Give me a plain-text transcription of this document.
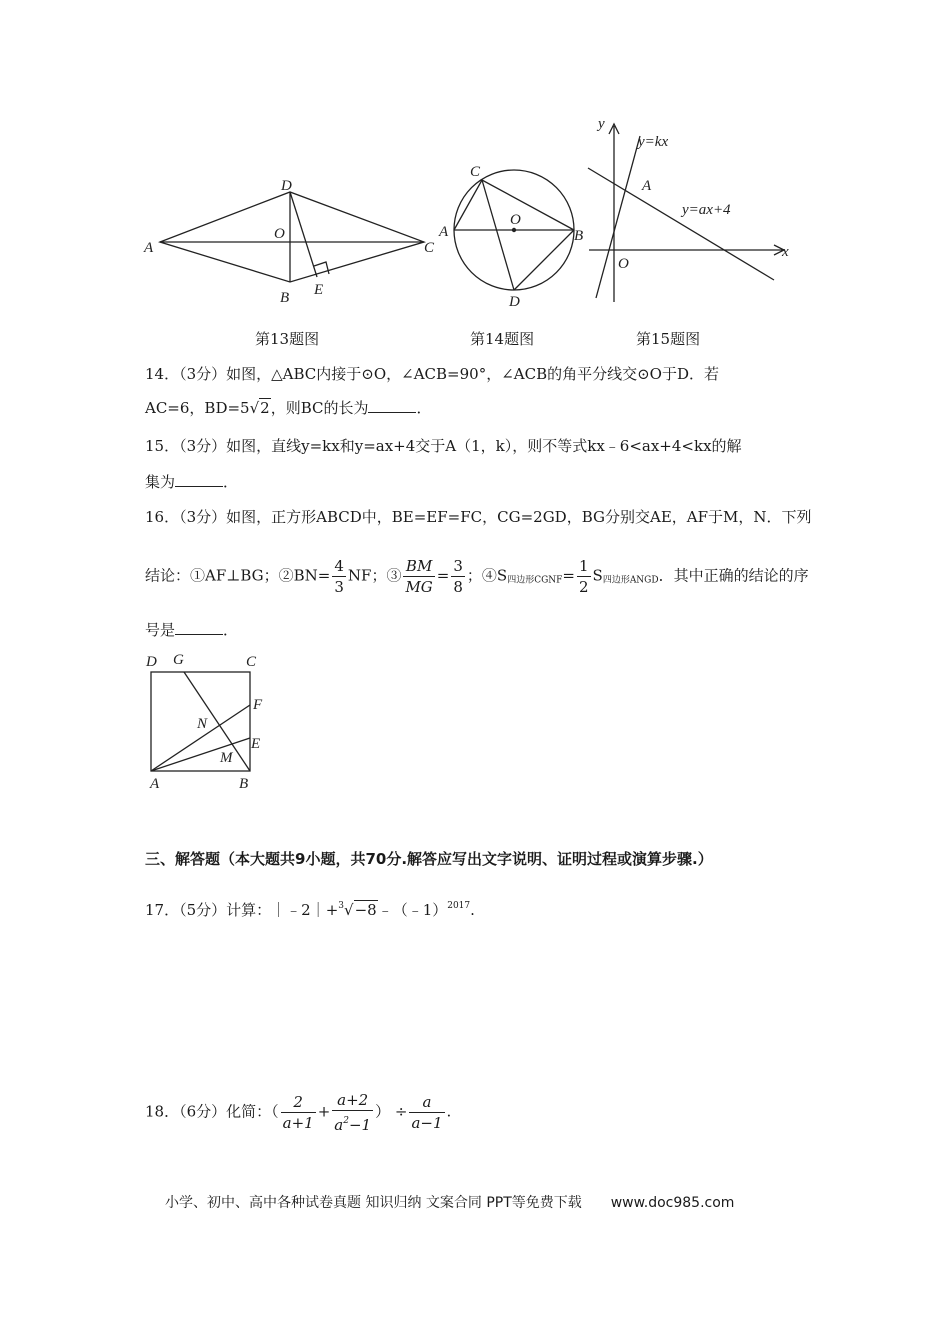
A
D
O
C
B E
A
C
O
B
D
y
x
O
A
y=kx
y=ax+4
第13题图	第14题图	第15题图
14．（3分）如图，△ABC内接于⊙O，∠ACB=90°，∠ACB的角平分线交⊙O于D．若
AC=6，BD=5√2，则BC的长为	．
15．（3分）如图，直线y=kx和y=ax+4交于A（1，k），则不等式kx﹣6<ax+4<kx的解
集为	．
16．（3分）如图，正方形ABCD中，BE=EF=FC，CG=2GD，BG分别交AE，AF于M，N．下列
结论：①AF⊥BG；②BN= $\frac{4}{3}$ NF；③ $\frac{BM}{MG} = \frac{3}{8}$ ；$④S_{四边形CGNF}= \frac{1}{2} S_{四边形ANGD}$．其中正确的结论的序
号是	．
D G	C
F
N
E
M
A	B
三、解答题（本大题共9小题，共70分.解答应写出文字说明、证明过程或演算步骤.）
17．（5分）计算：｜﹣2｜+$^3$√−8﹣（﹣1）$^{2017}$.
18．（6分）化简：（ $\frac{2}{a+1} + \frac{a+2}{a^2-1}$ ） ÷ $\frac{a}{a-1}$ .
小学、初中、高中各种试卷真题 知识归纳 文案合同 PPT等免费下载 www.doc985.com
